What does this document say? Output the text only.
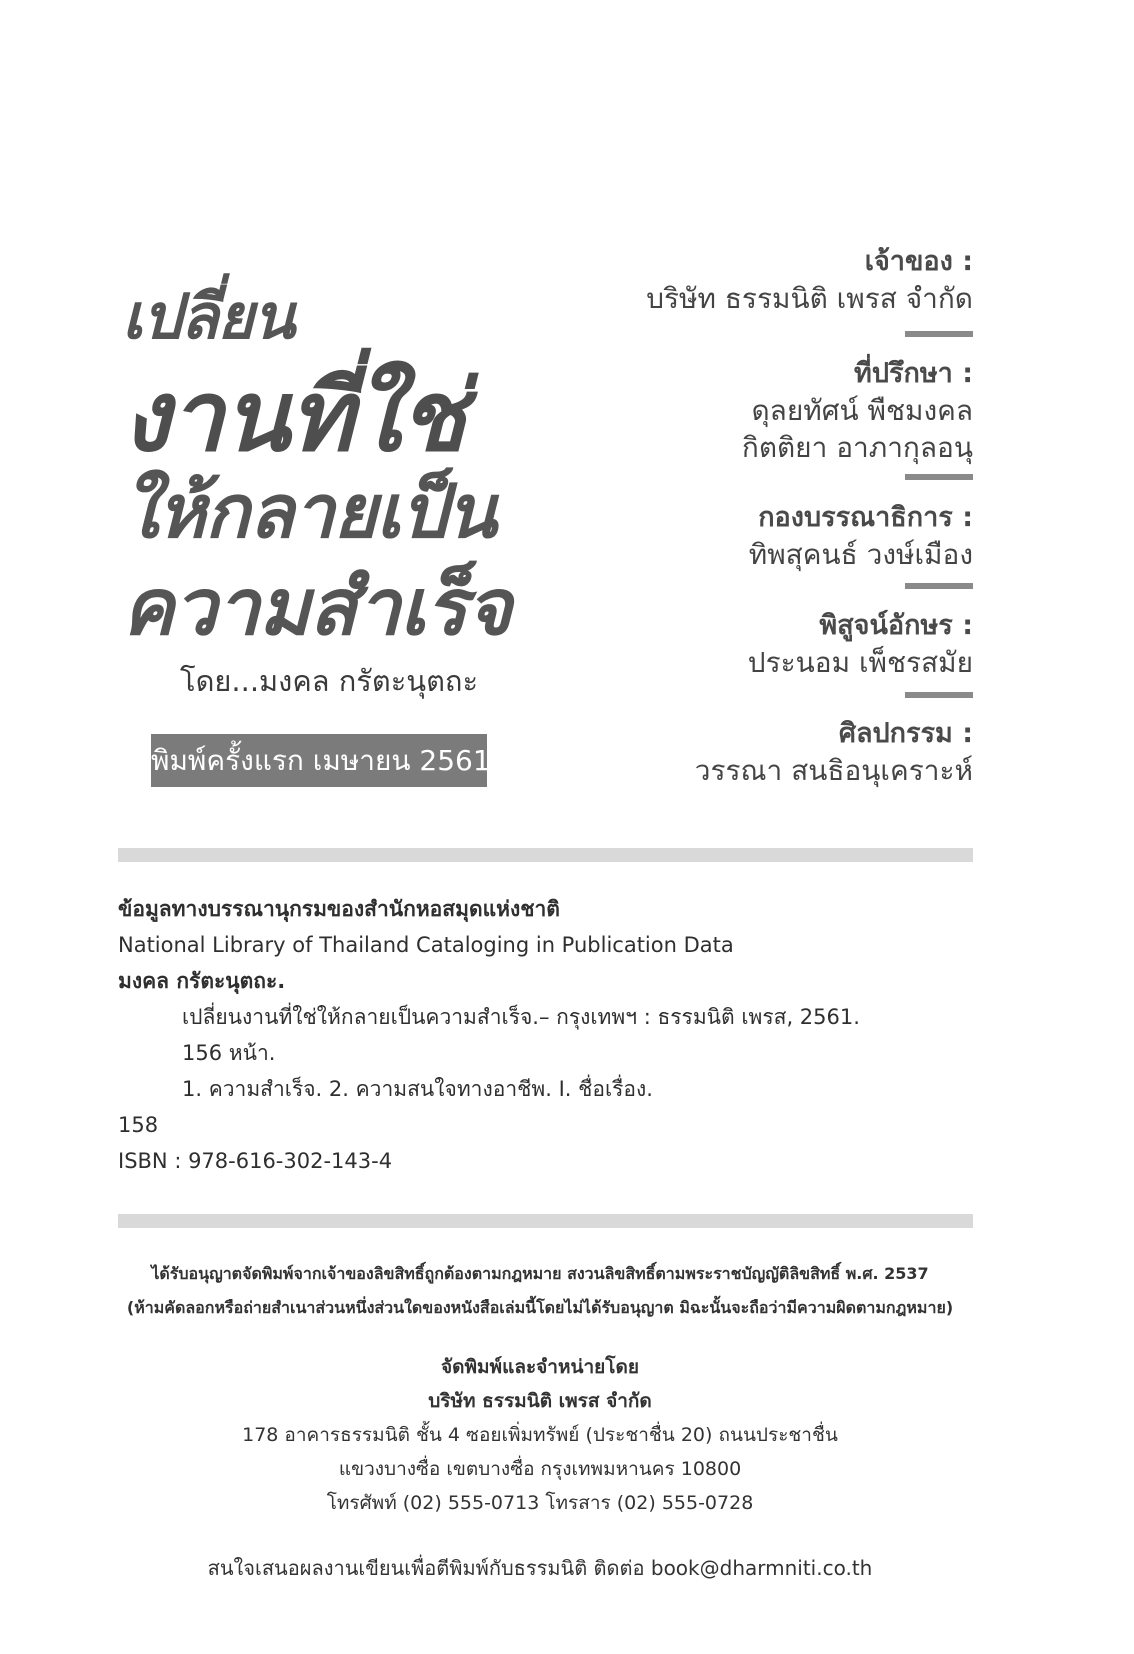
เปลี่ยน
งานที่ใช่
ให้กลายเป็น
ความสำเร็จ
โดย...มงคล กรัตะนุตถะ
พิมพ์ครั้งแรก เมษายน 2561
เจ้าของ :
บริษัท ธรรมนิติ เพรส จำกัด
ที่ปรึกษา :
ดุลยทัศน์ พืชมงคล
กิตติยา อาภากุลอนุ
กองบรรณาธิการ :
ทิพสุคนธ์ วงษ์เมือง
พิสูจน์อักษร :
ประนอม เพ็ชรสมัย
ศิลปกรรม :
วรรณา สนธิอนุเคราะห์
ข้อมูลทางบรรณานุกรมของสำนักหอสมุดแห่งชาติ
National Library of Thailand Cataloging in Publication Data
มงคล กรัตะนุตถะ.
เปลี่ยนงานที่ใช่ให้กลายเป็นความสำเร็จ.– กรุงเทพฯ : ธรรมนิติ เพรส, 2561.
156 หน้า.
1. ความสำเร็จ. 2. ความสนใจทางอาชีพ. I. ชื่อเรื่อง.
158
ISBN : 978-616-302-143-4
ได้รับอนุญาตจัดพิมพ์จากเจ้าของลิขสิทธิ์ถูกต้องตามกฎหมาย สงวนลิขสิทธิ์ตามพระราชบัญญัติลิขสิทธิ์ พ.ศ. 2537
(ห้ามคัดลอกหรือถ่ายสำเนาส่วนหนึ่งส่วนใดของหนังสือเล่มนี้โดยไม่ได้รับอนุญาต มิฉะนั้นจะถือว่ามีความผิดตามกฎหมาย)
จัดพิมพ์และจำหน่ายโดย
บริษัท ธรรมนิติ เพรส จำกัด
178 อาคารธรรมนิติ ชั้น 4 ซอยเพิ่มทรัพย์ (ประชาชื่น 20) ถนนประชาชื่น
แขวงบางซื่อ เขตบางซื่อ กรุงเทพมหานคร 10800
โทรศัพท์ (02) 555-0713 โทรสาร (02) 555-0728
สนใจเสนอผลงานเขียนเพื่อตีพิมพ์กับธรรมนิติ ติดต่อ book@dharmniti.co.th
